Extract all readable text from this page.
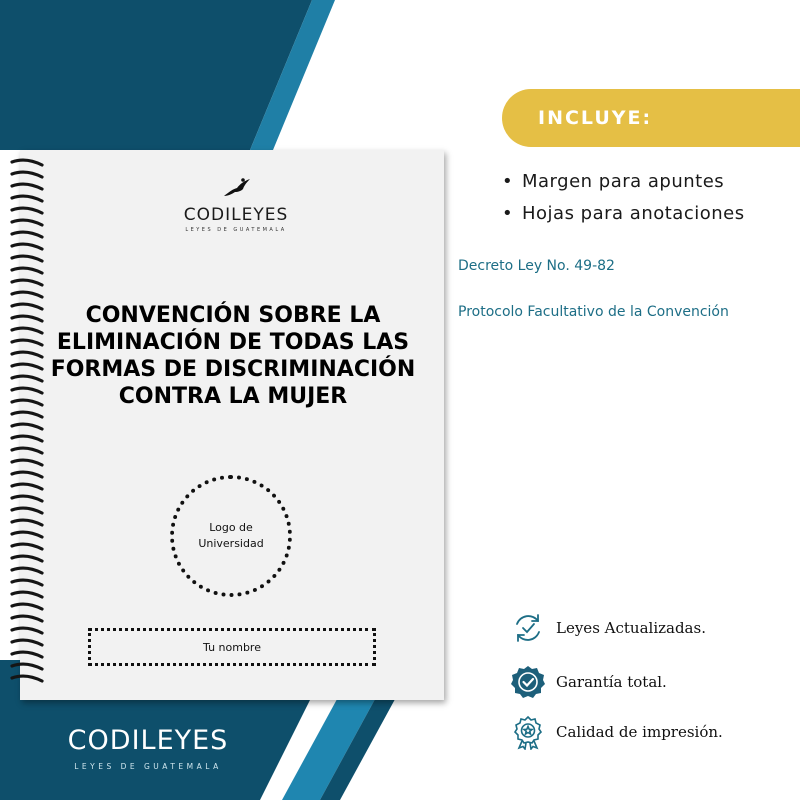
CODILEYES
LEYES DE GUATEMALA
CONVENCIÓN SOBRE LA ELIMINACIÓN DE TODAS LAS FORMAS DE DISCRIMINACIÓN CONTRA LA MUJER
Logo de Universidad
Tu nombre
CODILEYES
LEYES DE GUATEMALA
INCLUYE:
• Margen para apuntes
• Hojas para anotaciones
Decreto Ley No. 49-82
Protocolo Facultativo de la Convención
Leyes Actualizadas.
Garantía total.
Calidad de impresión.
